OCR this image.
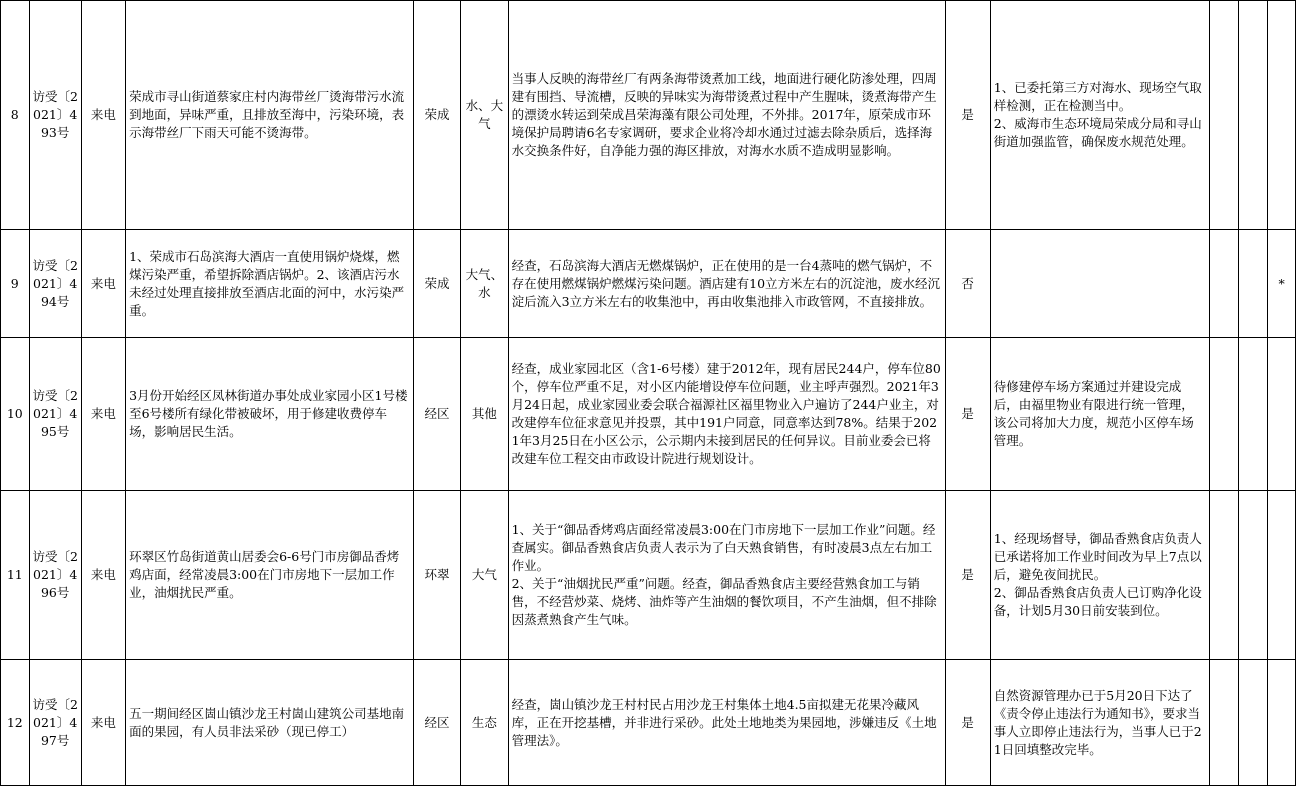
8	访受〔2021〕493号	来电	荣成市寻山街道蔡家庄村内海带丝厂烫海带污水流到地面，异味严重，且排放至海中，污染环境，表示海带丝厂下雨天可能不烫海带。	荣成	水、大气	当事人反映的海带丝厂有两条海带烫煮加工线，地面进行硬化防渗处理，四周建有围挡、导流槽，反映的异味实为海带烫煮过程中产生腥味，烫煮海带产生的漂烫水转运到荣成昌荣海藻有限公司处理，不外排。2017年，原荣成市环境保护局聘请6名专家调研，要求企业将冷却水通过过滤去除杂质后，选择海水交换条件好，自净能力强的海区排放，对海水水质不造成明显影响。	是	1、已委托第三方对海水、现场空气取样检测，正在检测当中。
2、威海市生态环境局荣成分局和寻山街道加强监管，确保废水规范处理。			
9	访受〔2021〕494号	来电	1、荣成市石岛滨海大酒店一直使用锅炉烧煤，燃煤污染严重，希望拆除酒店锅炉。2、该酒店污水未经过处理直接排放至酒店北面的河中，水污染严重。	荣成	大气、水	经查，石岛滨海大酒店无燃煤锅炉，正在使用的是一台4蒸吨的燃气锅炉，不存在使用燃煤锅炉燃煤污染问题。酒店建有10立方米左右的沉淀池，废水经沉淀后流入3立方米左右的收集池中，再由收集池排入市政管网，不直接排放。	否				*
10	访受〔2021〕495号	来电	3月份开始经区凤林街道办事处成业家园小区1号楼至6号楼所有绿化带被破坏，用于修建收费停车场，影响居民生活。	经区	其他	经查，成业家园北区（含1-6号楼）建于2012年，现有居民244户，停车位80个，停车位严重不足，对小区内能增设停车位问题，业主呼声强烈。2021年3月24日起，成业家园业委会联合福源社区福里物业入户遍访了244户业主，对改建停车位征求意见并投票，其中191户同意，同意率达到78%。结果于2021年3月25日在小区公示，公示期内未接到居民的任何异议。目前业委会已将改建车位工程交由市政设计院进行规划设计。	是	待修建停车场方案通过并建设完成后，由福里物业有限进行统一管理，该公司将加大力度，规范小区停车场管理。			
11	访受〔2021〕496号	来电	环翠区竹岛街道黄山居委会6-6号门市房御品香烤鸡店面，经常凌晨3:00在门市房地下一层加工作业，油烟扰民严重。	环翠	大气	1、关于“御品香烤鸡店面经常凌晨3:00在门市房地下一层加工作业”问题。经查属实。御品香熟食店负责人表示为了白天熟食销售，有时凌晨3点左右加工作业。
2、关于“油烟扰民严重”问题。经查，御品香熟食店主要经营熟食加工与销售，不经营炒菜、烧烤、油炸等产生油烟的餐饮项目，不产生油烟，但不排除因蒸煮熟食产生气味。	是	1、经现场督导，御品香熟食店负责人已承诺将加工作业时间改为早上7点以后，避免夜间扰民。
2、御品香熟食店负责人已订购净化设备，计划5月30日前安装到位。			
12	访受〔2021〕497号	来电	五一期间经区崮山镇沙龙王村崮山建筑公司基地南面的果园，有人员非法采砂（现已停工）	经区	生态	经查，崮山镇沙龙王村村民占用沙龙王村集体土地4.5亩拟建无花果冷藏风库，正在开挖基槽，并非进行采砂。此处土地地类为果园地，涉嫌违反《土地管理法》。	是	自然资源管理办已于5月20日下达了《责令停止违法行为通知书》，要求当事人立即停止违法行为，当事人已于21日回填整改完毕。			
